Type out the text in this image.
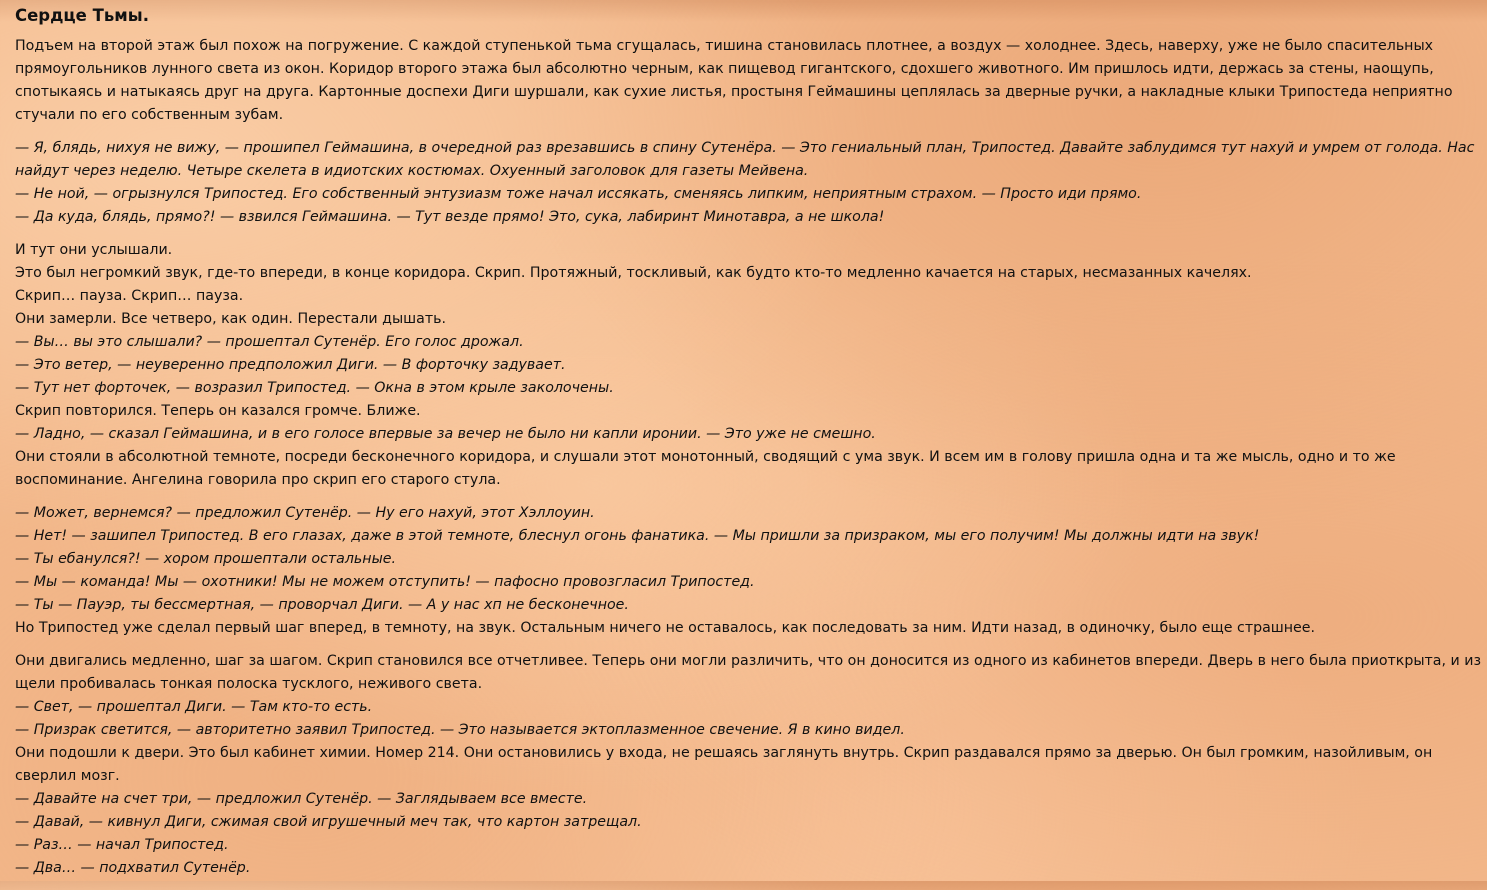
Сердце Тьмы.
Подъем на второй этаж был похож на погружение. С каждой ступенькой тьма сгущалась, тишина становилась плотнее, а воздух — холоднее. Здесь, наверху, уже не было спасительных прямоугольников лунного света из окон. Коридор второго этажа был абсолютно черным, как пищевод гигантского, сдохшего животного. Им пришлось идти, держась за стены, наощупь, спотыкаясь и натыкаясь друг на друга. Картонные доспехи Диги шуршали, как сухие листья, простыня Геймашины цеплялась за дверные ручки, а накладные клыки Трипостеда неприятно стучали по его собственным зубам.
— Я, блядь, нихуя не вижу, — прошипел Геймашина, в очередной раз врезавшись в спину Сутенёра. — Это гениальный план, Трипостед. Давайте заблудимся тут нахуй и умрем от голода. Нас найдут через неделю. Четыре скелета в идиотских костюмах. Охуенный заголовок для газеты Мейвена.
— Не ной, — огрызнулся Трипостед. Его собственный энтузиазм тоже начал иссякать, сменяясь липким, неприятным страхом. — Просто иди прямо.
— Да куда, блядь, прямо?! — взвился Геймашина. — Тут везде прямо! Это, сука, лабиринт Минотавра, а не школа!
И тут они услышали.
Это был негромкий звук, где-то впереди, в конце коридора. Скрип. Протяжный, тоскливый, как будто кто-то медленно качается на старых, несмазанных качелях.
Скрип… пауза. Скрип… пауза.
Они замерли. Все четверо, как один. Перестали дышать.
— Вы… вы это слышали? — прошептал Сутенёр. Его голос дрожал.
— Это ветер, — неуверенно предположил Диги. — В форточку задувает.
— Тут нет форточек, — возразил Трипостед. — Окна в этом крыле заколочены.
Скрип повторился. Теперь он казался громче. Ближе.
— Ладно, — сказал Геймашина, и в его голосе впервые за вечер не было ни капли иронии. — Это уже не смешно.
Они стояли в абсолютной темноте, посреди бесконечного коридора, и слушали этот монотонный, сводящий с ума звук. И всем им в голову пришла одна и та же мысль, одно и то же воспоминание. Ангелина говорила про скрип его старого стула.
— Может, вернемся? — предложил Сутенёр. — Ну его нахуй, этот Хэллоуин.
— Нет! — зашипел Трипостед. В его глазах, даже в этой темноте, блеснул огонь фанатика. — Мы пришли за призраком, мы его получим! Мы должны идти на звук!
— Ты ебанулся?! — хором прошептали остальные.
— Мы — команда! Мы — охотники! Мы не можем отступить! — пафосно провозгласил Трипостед.
— Ты — Пауэр, ты бессмертная, — проворчал Диги. — А у нас хп не бесконечное.
Но Трипостед уже сделал первый шаг вперед, в темноту, на звук. Остальным ничего не оставалось, как последовать за ним. Идти назад, в одиночку, было еще страшнее.
Они двигались медленно, шаг за шагом. Скрип становился все отчетливее. Теперь они могли различить, что он доносится из одного из кабинетов впереди. Дверь в него была приоткрыта, и из щели пробивалась тонкая полоска тусклого, неживого света.
— Свет, — прошептал Диги. — Там кто-то есть.
— Призрак светится, — авторитетно заявил Трипостед. — Это называется эктоплазменное свечение. Я в кино видел.
Они подошли к двери. Это был кабинет химии. Номер 214. Они остановились у входа, не решаясь заглянуть внутрь. Скрип раздавался прямо за дверью. Он был громким, назойливым, он сверлил мозг.
— Давайте на счет три, — предложил Сутенёр. — Заглядываем все вместе.
— Давай, — кивнул Диги, сжимая свой игрушечный меч так, что картон затрещал.
— Раз… — начал Трипостед.
— Два… — подхватил Сутенёр.
